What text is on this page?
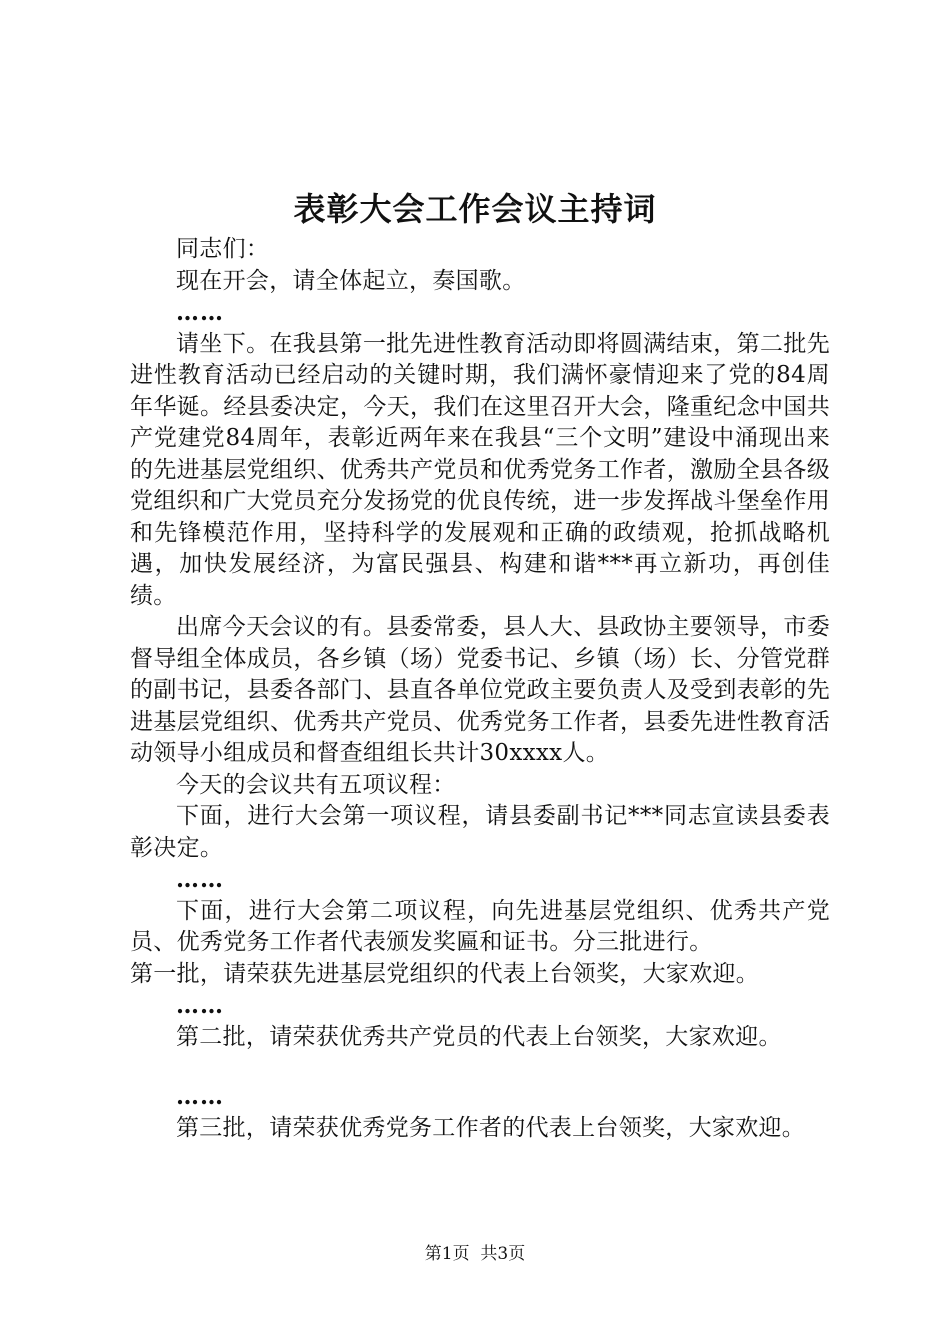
表彰大会工作会议主持词

同志们：

现在开会，请全体起立，奏国歌。

……

请坐下。在我县第一批先进性教育活动即将圆满结束，第二批先进性教育活动已经启动的关键时期，我们满怀豪情迎来了党的84周年华诞。经县委决定，今天，我们在这里召开大会，隆重纪念中国共产党建党84周年，表彰近两年来在我县“三个文明”建设中涌现出来的先进基层党组织、优秀共产党员和优秀党务工作者，激励全县各级党组织和广大党员充分发扬党的优良传统，进一步发挥战斗堡垒作用和先锋模范作用，坚持科学的发展观和正确的政绩观，抢抓战略机遇，加快发展经济，为富民强县、构建和谐***再立新功，再创佳绩。

出席今天会议的有。县委常委，县人大、县政协主要领导，市委督导组全体成员，各乡镇（场）党委书记、乡镇（场）长、分管党群的副书记，县委各部门、县直各单位党政主要负责人及受到表彰的先进基层党组织、优秀共产党员、优秀党务工作者，县委先进性教育活动领导小组成员和督查组组长共计30xxxx人。

今天的会议共有五项议程：

下面，进行大会第一项议程，请县委副书记***同志宣读县委表彰决定。

……

下面，进行大会第二项议程，向先进基层党组织、优秀共产党员、优秀党务工作者代表颁发奖匾和证书。分三批进行。

第一批，请荣获先进基层党组织的代表上台领奖，大家欢迎。

……

第二批，请荣获优秀共产党员的代表上台领奖，大家欢迎。

……

第三批，请荣获优秀党务工作者的代表上台领奖，大家欢迎。

第1页 共3页
